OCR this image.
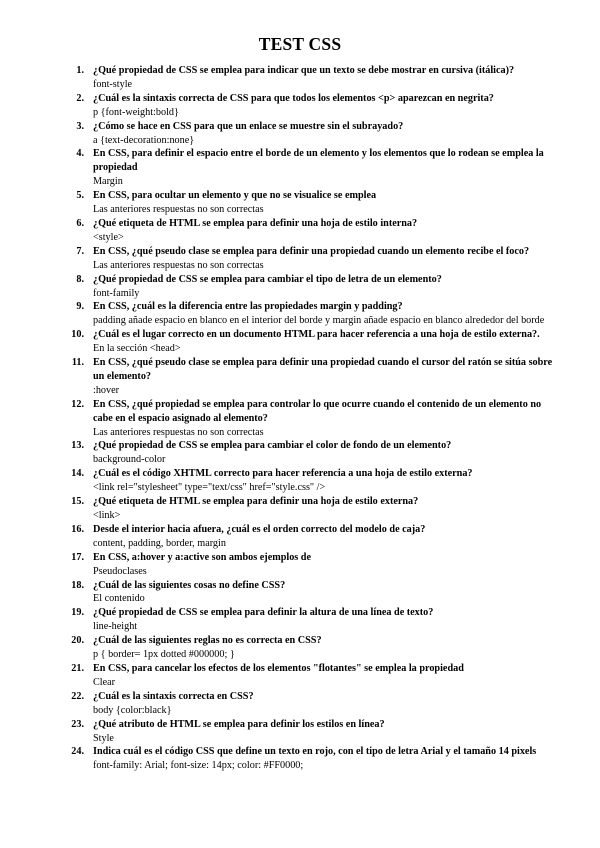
TEST CSS
1. ¿Qué propiedad de CSS se emplea para indicar que un texto se debe mostrar en cursiva (itálica)?
font-style
2. ¿Cuál es la sintaxis correcta de CSS para que todos los elementos <p> aparezcan en negrita?
p {font-weight:bold}
3. ¿Cómo se hace en CSS para que un enlace se muestre sin el subrayado?
a {text-decoration:none}
4. En CSS, para definir el espacio entre el borde de un elemento y los elementos que lo rodean se emplea la propiedad
Margin
5. En CSS, para ocultar un elemento y que no se visualice se emplea
Las anteriores respuestas no son correctas
6. ¿Qué etiqueta de HTML se emplea para definir una hoja de estilo interna?
<style>
7. En CSS, ¿qué pseudo clase se emplea para definir una propiedad cuando un elemento recibe el foco?
Las anteriores respuestas no son correctas
8. ¿Qué propiedad de CSS se emplea para cambiar el tipo de letra de un elemento?
font-family
9. En CSS, ¿cuál es la diferencia entre las propiedades margin y padding?
padding añade espacio en blanco en el interior del borde y margin añade espacio en blanco alrededor del borde
10. ¿Cuál es el lugar correcto en un documento HTML para hacer referencia a una hoja de estilo externa?.
En la sección <head>
11. En CSS, ¿qué pseudo clase se emplea para definir una propiedad cuando el cursor del ratón se sitúa sobre un elemento?
:hover
12. En CSS, ¿qué propiedad se emplea para controlar lo que ocurre cuando el contenido de un elemento no cabe en el espacio asignado al elemento?
Las anteriores respuestas no son correctas
13. ¿Qué propiedad de CSS se emplea para cambiar el color de fondo de un elemento?
background-color
14. ¿Cuál es el código XHTML correcto para hacer referencia a una hoja de estilo externa?
<link rel="stylesheet" type="text/css" href="style.css" />
15. ¿Qué etiqueta de HTML se emplea para definir una hoja de estilo externa?
<link>
16. Desde el interior hacia afuera, ¿cuál es el orden correcto del modelo de caja?
content, padding, border, margin
17. En CSS, a:hover y a:active son ambos ejemplos de
Pseudoclases
18. ¿Cuál de las siguientes cosas no define CSS?
El contenido
19. ¿Qué propiedad de CSS se emplea para definir la altura de una línea de texto?
line-height
20. ¿Cuál de las siguientes reglas no es correcta en CSS?
p { border= 1px dotted #000000; }
21. En CSS, para cancelar los efectos de los elementos "flotantes" se emplea la propiedad
Clear
22. ¿Cuál es la sintaxis correcta en CSS?
body {color:black}
23. ¿Qué atributo de HTML se emplea para definir los estilos en línea?
Style
24. Indica cuál es el código CSS que define un texto en rojo, con el tipo de letra Arial y el tamaño 14 pixels
font-family: Arial; font-size: 14px; color: #FF0000;
